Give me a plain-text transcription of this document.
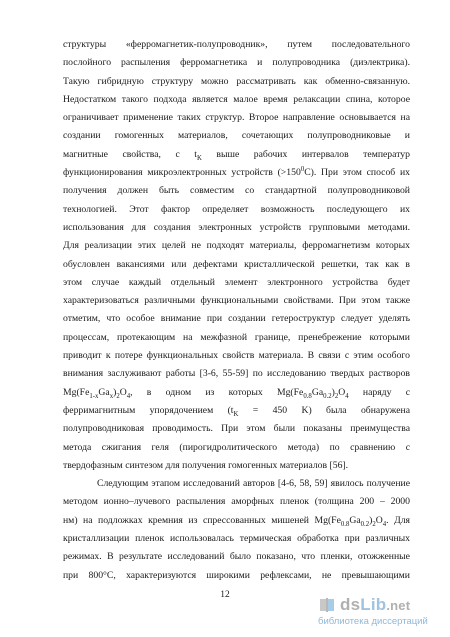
структуры «ферромагнетик-полупроводник», путем последовательного
послойного распыления ферромагнетика и полупроводника (диэлектрика).
Такую гибридную структуру можно рассматривать как обменно-связанную.
Недостатком такого подхода является малое время релаксации спина, которое
ограничивает применение таких структур. Второе направление основывается на
создании гомогенных материалов, сочетающих полупроводниковые и
магнитные свойства, с $t_K$ выше рабочих интервалов температур
функционирования микроэлектронных устройств $(>150^0С)$. При этом способ их
получения должен быть совместим со стандартной полупроводниковой
технологией. Этот фактор определяет возможность последующего их
использования для создания электронных устройств групповыми методами.
Для реализации этих целей не подходят материалы, ферромагнетизм которых
обусловлен вакансиями или дефектами кристаллической решетки, так как в
этом случае каждый отдельный элемент электронного устройства будет
характеризоваться различными функциональными свойствами. При этом также
отметим, что особое внимание при создании гетероструктур следует уделять
процессам, протекающим на межфазной границе, пренебрежение которыми
приводит к потере функциональных свойств материала. В связи с этим особого
внимания заслуживают работы [3-6, 55-59] по исследованию твердых растворов
$Mg(Fe_{1-x}Ga_x)_2O_4$, в одном из которых $Mg(Fe_{0.8}Ga_{0.2})_2O_4$ наряду с
ферримагнитным упорядочением ($t_K = 450$ K) была обнаружена
полупроводниковая проводимость. При этом были показаны преимущества
метода сжигания геля (пирогидролитического метода) по сравнению с
твердофазным синтезом для получения гомогенных материалов [56].
Следующим этапом исследований авторов [4-6, 58, 59] явилось получение
методом ионно–лучевого распыления аморфных пленок (толщина 200 – 2000
нм) на подложках кремния из спрессованных мишеней $Mg(Fe_{0.8}Ga_{0.2})_2O_4$. Для
кристаллизации пленок использовалась термическая обработка при различных
режимах. В результате исследований было показано, что пленки, отожженные
при 800°С, характеризуются широкими рефлексами, не превышающими
12	dsLib.net
библиотека диссертаций
